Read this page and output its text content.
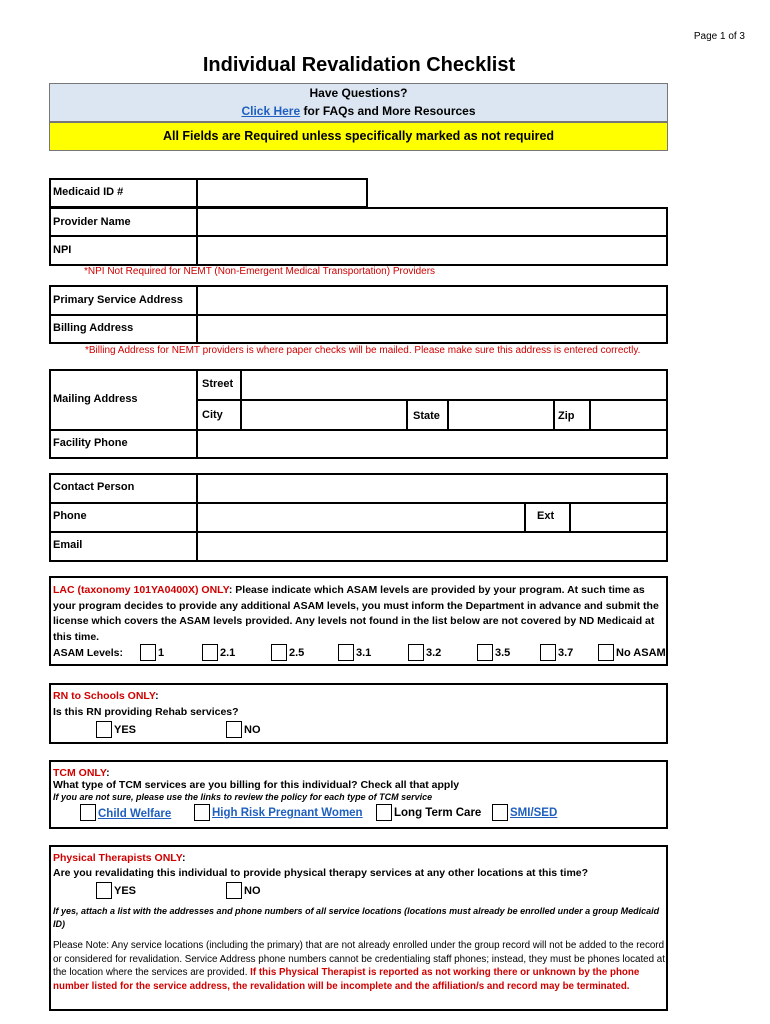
Page 1 of 3
Individual Revalidation Checklist
Have Questions?
Click Here for FAQs and More Resources
All Fields are Required unless specifically marked as not required
Medicaid ID #
Provider Name
NPI
*NPI Not Required for NEMT (Non-Emergent Medical Transportation) Providers
Primary Service Address
Billing Address
*Billing Address for NEMT providers is where paper checks will be mailed. Please make sure this address is entered correctly.
Mailing Address
Street
City	State	Zip
Facility Phone
Contact Person
Phone	Ext
Email
LAC (taxonomy 101YA0400X) ONLY: Please indicate which ASAM levels are provided by your program. At such time as your program decides to provide any additional ASAM levels, you must inform the Department in advance and submit the license which covers the ASAM levels provided. Any levels not found in the list below are not covered by ND Medicaid at this time.
ASAM Levels:	1	2.1	2.5	3.1	3.2	3.5	3.7	No ASAM
RN to Schools ONLY:
Is this RN providing Rehab services?
YES	NO
TCM ONLY:
What type of TCM services are you billing for this individual? Check all that apply
If you are not sure, please use the links to review the policy for each type of TCM service
Child Welfare	High Risk Pregnant Women	Long Term Care SMI/SED
Physical Therapists ONLY:
Are you revalidating this individual to provide physical therapy services at any other locations at this time?
YES	NO
If yes, attach a list with the addresses and phone numbers of all service locations (locations must already be enrolled under a group Medicaid ID)
Please Note: Any service locations (including the primary) that are not already enrolled under the group record will not be added to the record or considered for revalidation. Service Address phone numbers cannot be credentialing staff phones; instead, they must be phones located at the location where the services are provided. If this Physical Therapist is reported as not working there or unknown by the phone number listed for the service address, the revalidation will be incomplete and the affiliation/s and record may be terminated.
